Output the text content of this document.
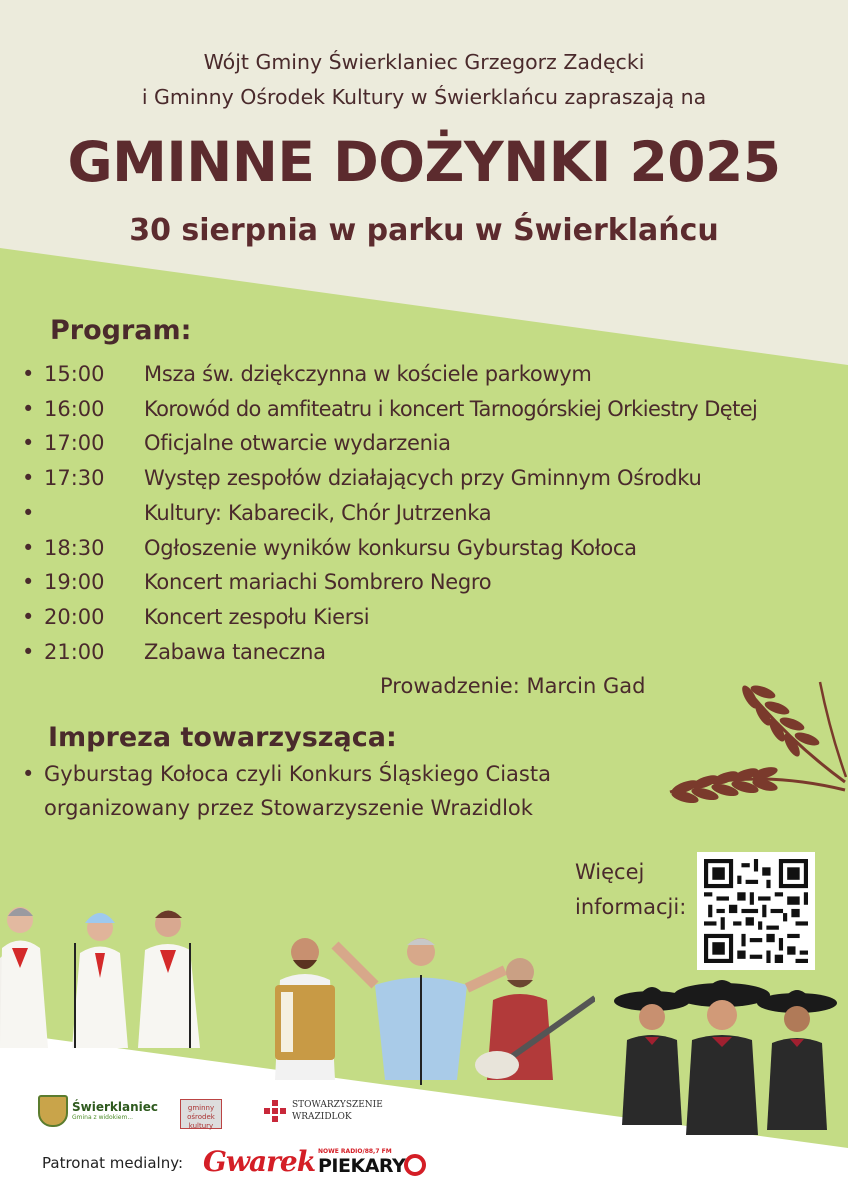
Wójt Gminy Świerklaniec Grzegorz Zadęcki
i Gminny Ośrodek Kultury w Świerklańcu zapraszają na
GMINNE DOŻYNKI 2025
30 sierpnia w parku w Świerklańcu
Program:
• 15:00 Msza św. dziękczynna w kościele parkowym
• 16:00 Korowód do amfiteatru i koncert Tarnogórskiej Orkiestry Dętej
• 17:00 Oficjalne otwarcie wydarzenia
• 17:30 Występ zespołów działających przy Gminnym Ośrodku
•	Kultury: Kabarecik, Chór Jutrzenka
• 18:30 Ogłoszenie wyników konkursu Gyburstag Kołoca
• 19:00 Koncert mariachi Sombrero Negro
• 20:00 Koncert zespołu Kiersi
• 21:00 Zabawa taneczna
Prowadzenie: Marcin Gad
Impreza towarzysząca:
• Gyburstag Kołoca czyli Konkurs Śląskiego Ciasta
organizowany przez Stowarzyszenie Wrazidlok
Więcej
informacji:
Świerklaniec
Gmina z widokiem...
gminny ośrodek kultury
STOWARZYSZENIE
WRAZIDLOK
Patronat medialny: Gwarek NOWE RADIO/88,7 FM
PIEKARY
